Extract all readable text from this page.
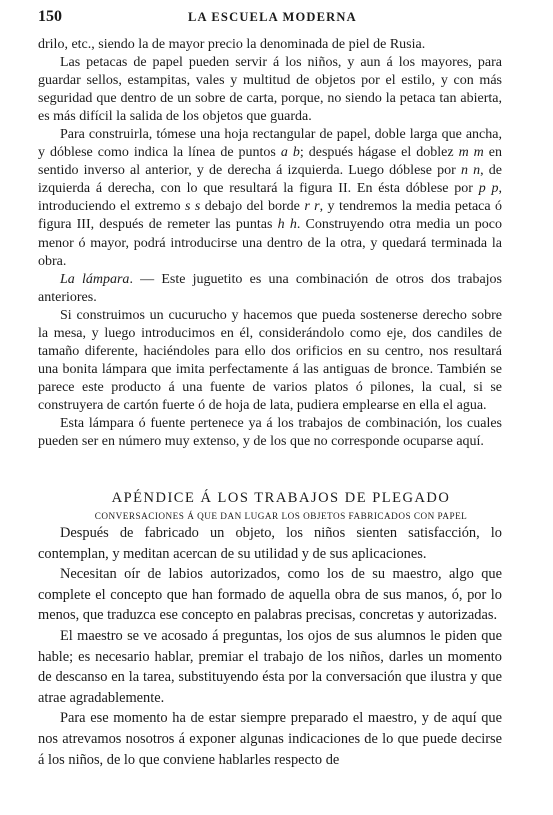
150	LA ESCUELA MODERNA

drilo, etc., siendo la de mayor precio la denominada de piel de Rusia.

Las petacas de papel pueden servir á los niños, y aun á los mayores, para guardar sellos, estampitas, vales y multitud de objetos por el estilo, y con más seguridad que dentro de un sobre de carta, porque, no siendo la petaca tan abierta, es más difícil la salida de los objetos que guarda.

Para construirla, tómese una hoja rectangular de papel, doble larga que ancha, y dóblese como indica la línea de puntos a b; después hágase el doblez m m en sentido inverso al anterior, y de derecha á izquierda. Luego dóblese por n n, de izquierda á derecha, con lo que resultará la figura II. En ésta dóblese por p p, introduciendo el extremo s s debajo del borde r r, y tendremos la media petaca ó figura III, después de remeter las puntas h h. Construyendo otra media un poco menor ó mayor, podrá introducirse una dentro de la otra, y quedará terminada la obra.

La lámpara. — Este juguetito es una combinación de otros dos trabajos anteriores.

Si construimos un cucurucho y hacemos que pueda sostenerse derecho sobre la mesa, y luego introducimos en él, considerándolo como eje, dos candiles de tamaño diferente, haciéndoles para ello dos orificios en su centro, nos resultará una bonita lámpara que imita perfectamente á las antiguas de bronce. También se parece este producto á una fuente de varios platos ó pilones, la cual, si se construyera de cartón fuerte ó de hoja de lata, pudiera emplearse en ella el agua.

Esta lámpara ó fuente pertenece ya á los trabajos de combinación, los cuales pueden ser en número muy extenso, y de los que no corresponde ocuparse aquí.

APÉNDICE Á LOS TRABAJOS DE PLEGADO

CONVERSACIONES Á QUE DAN LUGAR LOS OBJETOS FABRICADOS CON PAPEL

Después de fabricado un objeto, los niños sienten satisfacción, lo contemplan, y meditan acercan de su utilidad y de sus aplicaciones.

Necesitan oír de labios autorizados, como los de su maestro, algo que complete el concepto que han formado de aquella obra de sus manos, ó, por lo menos, que traduzca ese concepto en palabras precisas, concretas y autorizadas.

El maestro se ve acosado á preguntas, los ojos de sus alumnos le piden que hable; es necesario hablar, premiar el trabajo de los niños, darles un momento de descanso en la tarea, substituyendo ésta por la conversación que ilustra y que atrae agradablemente.

Para ese momento ha de estar siempre preparado el maestro, y de aquí que nos atrevamos nosotros á exponer algunas indicaciones de lo que puede decirse á los niños, de lo que conviene hablarles respecto de
